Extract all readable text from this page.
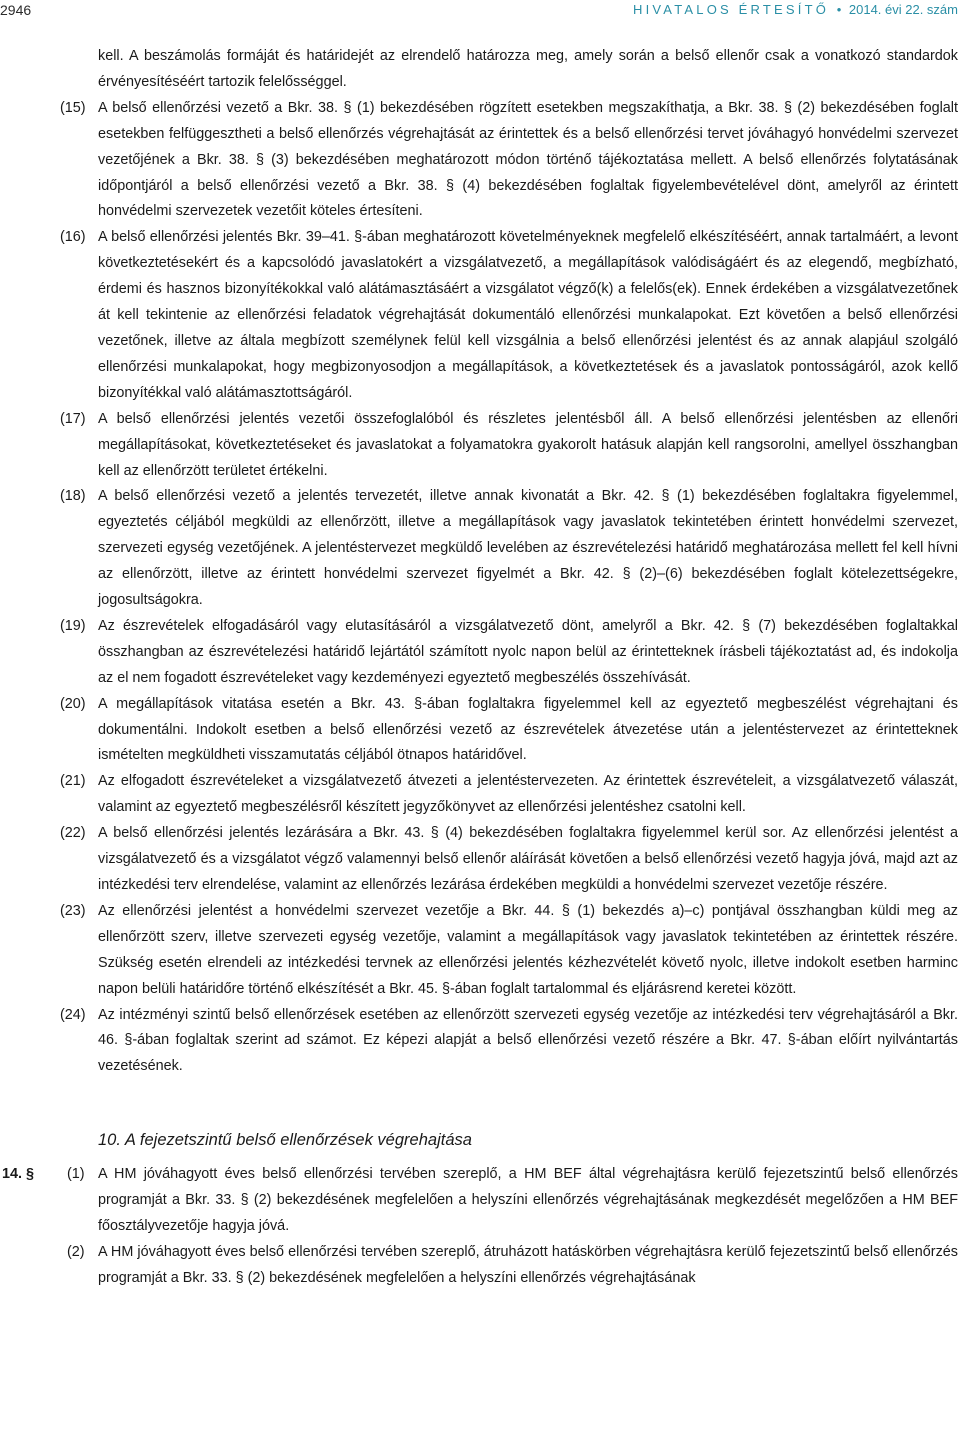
2946	HIVATALOS ÉRTESÍTŐ • 2014. évi 22. szám
kell. A beszámolás formáját és határidejét az elrendelő határozza meg, amely során a belső ellenőr csak a vonatkozó standardok érvényesítéséért tartozik felelősséggel.
(15) A belső ellenőrzési vezető a Bkr. 38. § (1) bekezdésében rögzített esetekben megszakíthatja, a Bkr. 38. § (2) bekezdésében foglalt esetekben felfüggesztheti a belső ellenőrzés végrehajtását az érintettek és a belső ellenőrzési tervet jóváhagyó honvédelmi szervezet vezetőjének a Bkr. 38. § (3) bekezdésében meghatározott módon történő tájékoztatása mellett. A belső ellenőrzés folytatásának időpontjáról a belső ellenőrzési vezető a Bkr. 38. § (4) bekezdésében foglaltak figyelembevételével dönt, amelyről az érintett honvédelmi szervezetek vezetőit köteles értesíteni.
(16) A belső ellenőrzési jelentés Bkr. 39–41. §-ában meghatározott követelményeknek megfelelő elkészítéséért, annak tartalmáért, a levont következtetésekért és a kapcsolódó javaslatokért a vizsgálatvezető, a megállapítások valódiságáért és az elegendő, megbízható, érdemi és hasznos bizonyítékokkal való alátámasztásáért a vizsgálatot végző(k) a felelős(ek). Ennek érdekében a vizsgálatvezetőnek át kell tekintenie az ellenőrzési feladatok végrehajtását dokumentáló ellenőrzési munkalapokat. Ezt követően a belső ellenőrzési vezetőnek, illetve az általa megbízott személynek felül kell vizsgálnia a belső ellenőrzési jelentést és az annak alapjául szolgáló ellenőrzési munkalapokat, hogy megbizonyosodjon a megállapítások, a következtetések és a javaslatok pontosságáról, azok kellő bizonyítékkal való alátámasztottságáról.
(17) A belső ellenőrzési jelentés vezetői összefoglalóból és részletes jelentésből áll. A belső ellenőrzési jelentésben az ellenőri megállapításokat, következtetéseket és javaslatokat a folyamatokra gyakorolt hatásuk alapján kell rangsorolni, amellyel összhangban kell az ellenőrzött területet értékelni.
(18) A belső ellenőrzési vezető a jelentés tervezetét, illetve annak kivonatát a Bkr. 42. § (1) bekezdésében foglaltakra figyelemmel, egyeztetés céljából megküldi az ellenőrzött, illetve a megállapítások vagy javaslatok tekintetében érintett honvédelmi szervezet, szervezeti egység vezetőjének. A jelentéstervezet megküldő levelében az észrevételezési határidő meghatározása mellett fel kell hívni az ellenőrzött, illetve az érintett honvédelmi szervezet figyelmét a Bkr. 42. § (2)–(6) bekezdésében foglalt kötelezettségekre, jogosultságokra.
(19) Az észrevételek elfogadásáról vagy elutasításáról a vizsgálatvezető dönt, amelyről a Bkr. 42. § (7) bekezdésében foglaltakkal összhangban az észrevételezési határidő lejártától számított nyolc napon belül az érintetteknek írásbeli tájékoztatást ad, és indokolja az el nem fogadott észrevételeket vagy kezdeményezi egyeztető megbeszélés összehívását.
(20) A megállapítások vitatása esetén a Bkr. 43. §-ában foglaltakra figyelemmel kell az egyeztető megbeszélést végrehajtani és dokumentálni. Indokolt esetben a belső ellenőrzési vezető az észrevételek átvezetése után a jelentéstervezet az érintetteknek ismételten megküldheti visszamutatás céljából ötnapos határidővel.
(21) Az elfogadott észrevételeket a vizsgálatvezető átvezeti a jelentéstervezeten. Az érintettek észrevételeit, a vizsgálatvezető válaszát, valamint az egyeztető megbeszélésről készített jegyzőkönyvet az ellenőrzési jelentéshez csatolni kell.
(22) A belső ellenőrzési jelentés lezárására a Bkr. 43. § (4) bekezdésében foglaltakra figyelemmel kerül sor. Az ellenőrzési jelentést a vizsgálatvezető és a vizsgálatot végző valamennyi belső ellenőr aláírását követően a belső ellenőrzési vezető hagyja jóvá, majd azt az intézkedési terv elrendelése, valamint az ellenőrzés lezárása érdekében megküldi a honvédelmi szervezet vezetője részére.
(23) Az ellenőrzési jelentést a honvédelmi szervezet vezetője a Bkr. 44. § (1) bekezdés a)–c) pontjával összhangban küldi meg az ellenőrzött szerv, illetve szervezeti egység vezetője, valamint a megállapítások vagy javaslatok tekintetében az érintettek részére. Szükség esetén elrendeli az intézkedési tervnek az ellenőrzési jelentés kézhezvételét követő nyolc, illetve indokolt esetben harminc napon belüli határidőre történő elkészítését a Bkr. 45. §-ában foglalt tartalommal és eljárásrend keretei között.
(24) Az intézményi szintű belső ellenőrzések esetében az ellenőrzött szervezeti egység vezetője az intézkedési terv végrehajtásáról a Bkr. 46. §-ában foglaltak szerint ad számot. Ez képezi alapját a belső ellenőrzési vezető részére a Bkr. 47. §-ában előírt nyilvántartás vezetésének.
10. A fejezetszintű belső ellenőrzések végrehajtása
14. §	(1) A HM jóváhagyott éves belső ellenőrzési tervében szereplő, a HM BEF által végrehajtásra kerülő fejezetszintű belső ellenőrzés programját a Bkr. 33. § (2) bekezdésének megfelelően a helyszíni ellenőrzés végrehajtásának megkezdését megelőzően a HM BEF főosztályvezetője hagyja jóvá.
(2) A HM jóváhagyott éves belső ellenőrzési tervében szereplő, átruházott hatáskörben végrehajtásra kerülő fejezetszintű belső ellenőrzés programját a Bkr. 33. § (2) bekezdésének megfelelően a helyszíni ellenőrzés végrehajtásának
